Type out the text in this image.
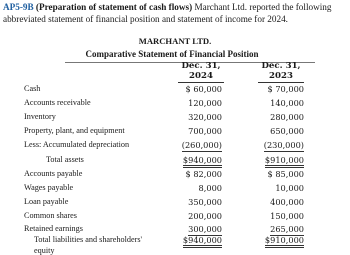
AP5-9B (Preparation of statement of cash flows) Marchant Ltd. reported the following abbreviated statement of financial position and statement of income for 2024.
MARCHANT LTD.
Comparative Statement of Financial Position
Dec. 31,
2024
Dec. 31,
2023
Cash	$ 60,000	$ 70,000
Accounts receivable	120,000	140,000
Inventory	320,000	280,000
Property, plant, and equipment	700,000	650,000
Less: Accumulated depreciation	(260,000)	(230,000)
Total assets	$940,000	$910,000
Accounts payable	$ 82,000	$ 85,000
Wages payable	8,000	10,000
Loan payable	350,000	400,000
Common shares	200,000	150,000
Retained earnings	300,000	265,000
Total liabilities and shareholders'	$940,000	$910,000
equity
